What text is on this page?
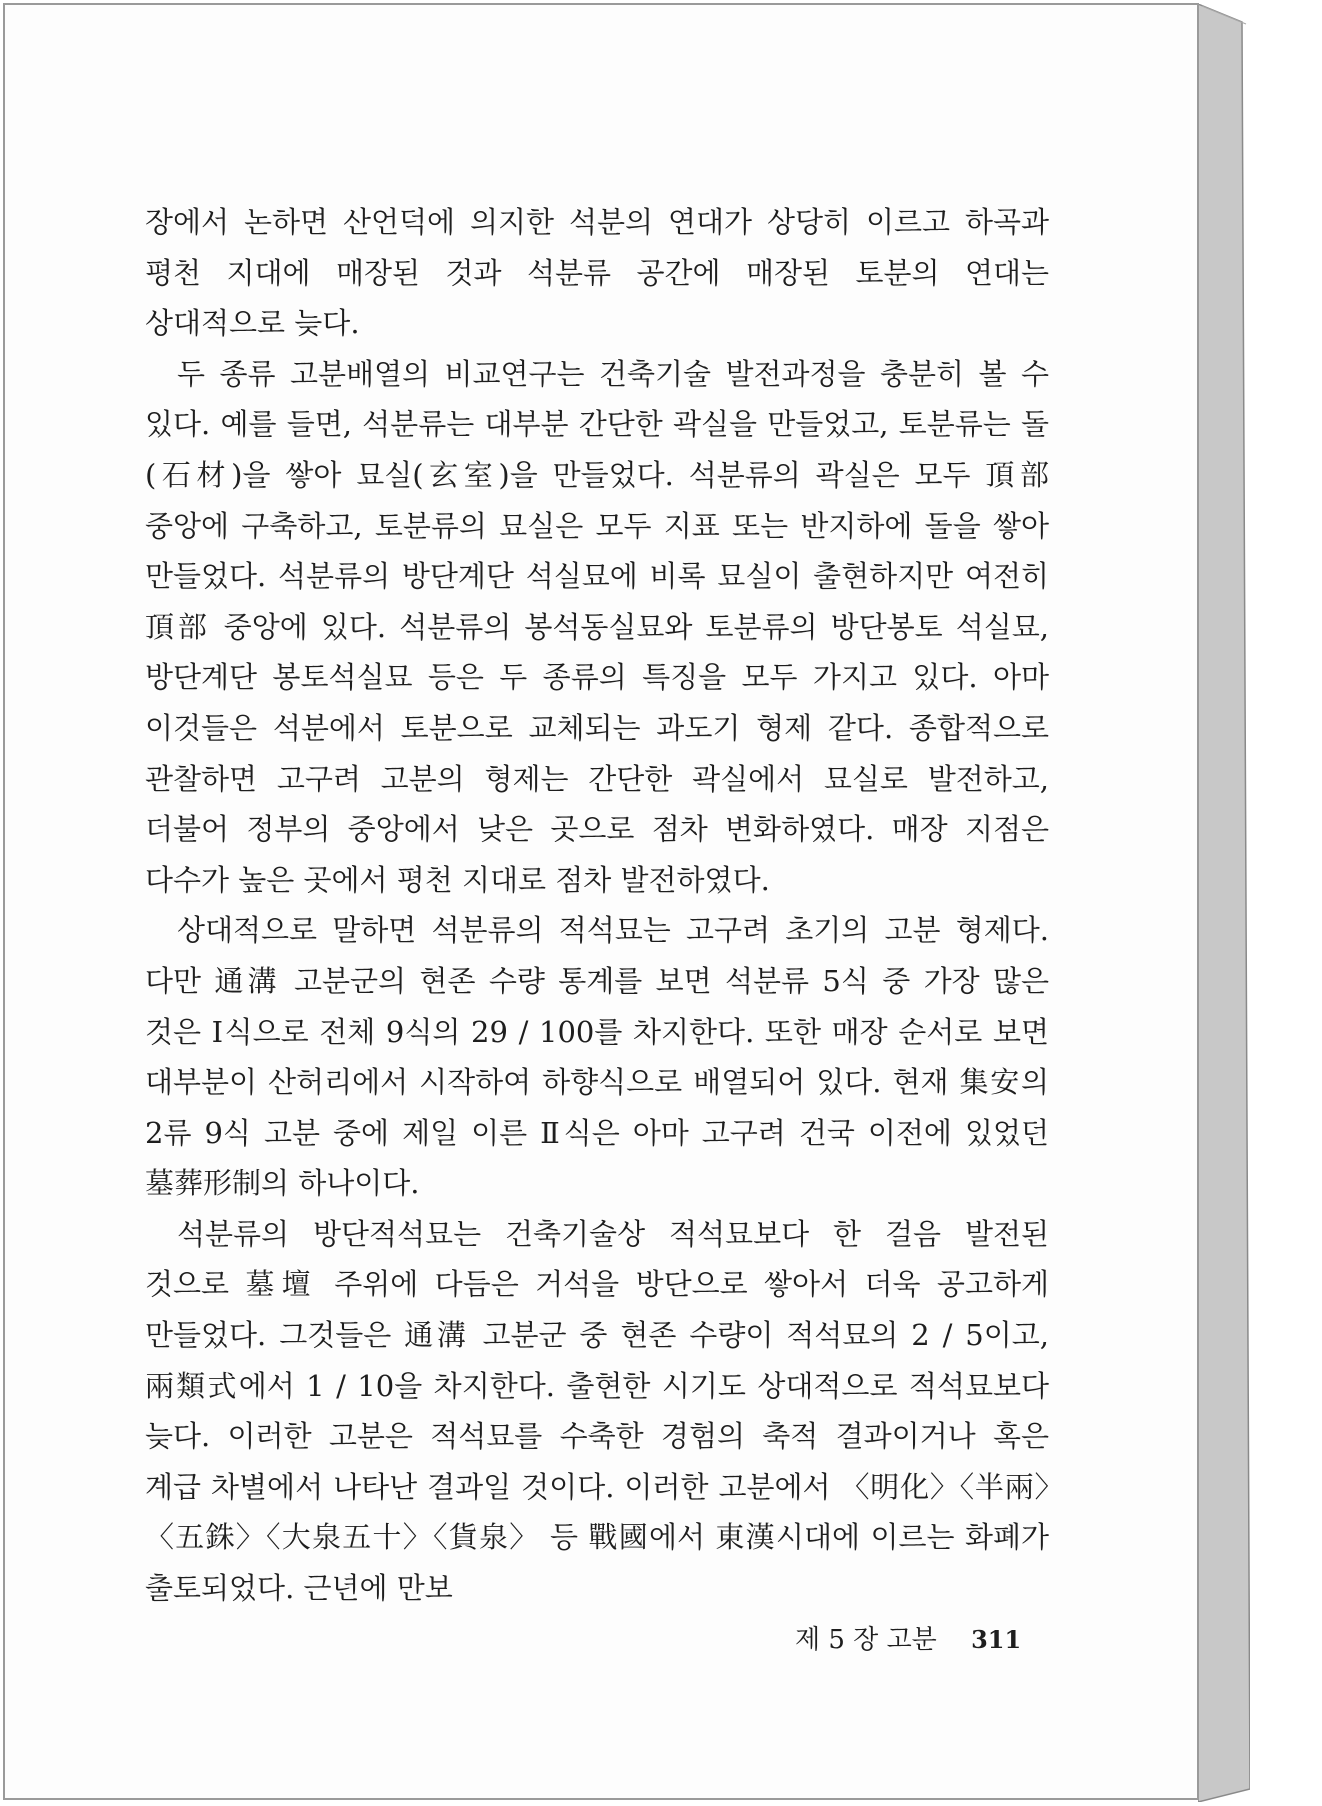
장에서 논하면 산언덕에 의지한 석분의 연대가 상당히 이르고 하곡과 평천 지대에 매장된 것과 석분류 공간에 매장된 토분의 연대는 상대적으로 늦다.

두 종류 고분배열의 비교연구는 건축기술 발전과정을 충분히 볼 수 있다. 예를 들면, 석분류는 대부분 간단한 곽실을 만들었고, 토분류는 돌(石材)을 쌓아 묘실(玄室)을 만들었다. 석분류의 곽실은 모두 頂部 중앙에 구축하고, 토분류의 묘실은 모두 지표 또는 반지하에 돌을 쌓아 만들었다. 석분류의 방단계단 석실묘에 비록 묘실이 출현하지만 여전히 頂部 중앙에 있다. 석분류의 봉석동실묘와 토분류의 방단봉토 석실묘, 방단계단 봉토석실묘 등은 두 종류의 특징을 모두 가지고 있다. 아마 이것들은 석분에서 토분으로 교체되는 과도기 형제 같다. 종합적으로 관찰하면 고구려 고분의 형제는 간단한 곽실에서 묘실로 발전하고, 더불어 정부의 중앙에서 낮은 곳으로 점차 변화하였다. 매장 지점은 다수가 높은 곳에서 평천 지대로 점차 발전하였다.

상대적으로 말하면 석분류의 적석묘는 고구려 초기의 고분 형제다. 다만 通溝 고분군의 현존 수량 통계를 보면 석분류 5식 중 가장 많은 것은 Ⅰ식으로 전체 9식의 29 / 100를 차지한다. 또한 매장 순서로 보면 대부분이 산허리에서 시작하여 하향식으로 배열되어 있다. 현재 集安의 2류 9식 고분 중에 제일 이른 Ⅱ식은 아마 고구려 건국 이전에 있었던 墓葬形制의 하나이다.

석분류의 방단적석묘는 건축기술상 적석묘보다 한 걸음 발전된 것으로 墓壇 주위에 다듬은 거석을 방단으로 쌓아서 더욱 공고하게 만들었다. 그것들은 通溝 고분군 중 현존 수량이 적석묘의 2 / 5이고, 兩類式에서 1 / 10을 차지한다. 출현한 시기도 상대적으로 적석묘보다 늦다. 이러한 고분은 적석묘를 수축한 경험의 축적 결과이거나 혹은 계급 차별에서 나타난 결과일 것이다. 이러한 고분에서 〈明化〉〈半兩〉〈五銖〉〈大泉五十〉〈貨泉〉 등 戰國에서 東漢시대에 이르는 화폐가 출토되었다. 근년에 만보

제 5 장 고분 311
